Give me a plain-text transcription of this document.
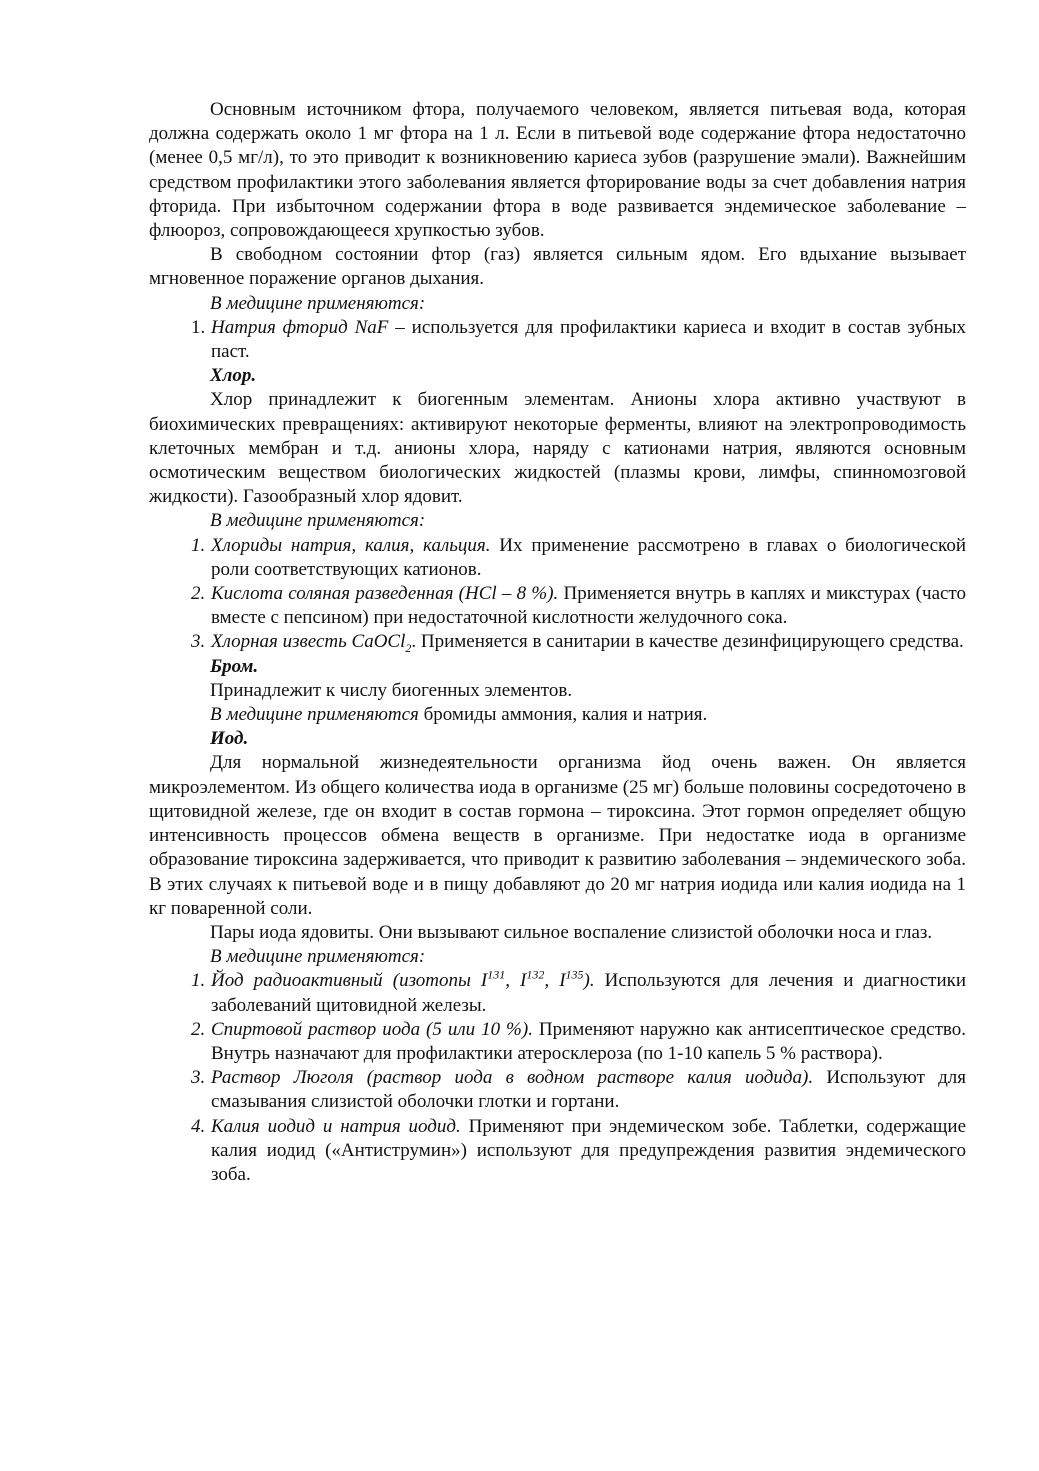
Основным источником фтора, получаемого человеком, является питьевая вода, которая должна содержать около 1 мг фтора на 1 л. Если в питьевой воде содержание фтора недостаточно (менее 0,5 мг/л), то это приводит к возникновению кариеса зубов (разрушение эмали). Важнейшим средством профилактики этого заболевания является фторирование воды за счет добавления натрия фторида. При избыточном содержании фтора в воде развивается эндемическое заболевание – флюороз, сопровождающееся хрупкостью зубов.

В свободном состоянии фтор (газ) является сильным ядом. Его вдыхание вызывает мгновенное поражение органов дыхания.

В медицине применяются:

1. Натрия фторид NaF – используется для профилактики кариеса и входит в состав зубных паст.

Хлор.

Хлор принадлежит к биогенным элементам. Анионы хлора активно участвуют в биохимических превращениях: активируют некоторые ферменты, влияют на электропроводимость клеточных мембран и т.д. анионы хлора, наряду с катионами натрия, являются основным осмотическим веществом биологических жидкостей (плазмы крови, лимфы, спинномозговой жидкости). Газообразный хлор ядовит.

В медицине применяются:

1. Хлориды натрия, калия, кальция. Их применение рассмотрено в главах о биологической роли соответствующих катионов.
2. Кислота соляная разведенная (HCl – 8 %). Применяется внутрь в каплях и микстурах (часто вместе с пепсином) при недостаточной кислотности желудочного сока.
3. Хлорная известь CaOCl$_2$. Применяется в санитарии в качестве дезинфицирующего средства.

Бром.

Принадлежит к числу биогенных элементов.

В медицине применяются бромиды аммония, калия и натрия.

Иод.

Для нормальной жизнедеятельности организма йод очень важен. Он является микроэлементом. Из общего количества иода в организме (25 мг) больше половины сосредоточено в щитовидной железе, где он входит в состав гормона – тироксина. Этот гормон определяет общую интенсивность процессов обмена веществ в организме. При недостатке иода в организме образование тироксина задерживается, что приводит к развитию заболевания – эндемического зоба. В этих случаях к питьевой воде и в пищу добавляют до 20 мг натрия иодида или калия иодида на 1 кг поваренной соли.

Пары иода ядовиты. Они вызывают сильное воспаление слизистой оболочки носа и глаз.

В медицине применяются:

1. Йод радиоактивный (изотопы $I^{131}$, $I^{132}$, $I^{135}$). Используются для лечения и диагностики заболеваний щитовидной железы.
2. Спиртовой раствор иода (5 или 10 %). Применяют наружно как антисептическое средство. Внутрь назначают для профилактики атеросклероза (по 1-10 капель 5 % раствора).
3. Раствор Люголя (раствор иода в водном растворе калия иодида). Используют для смазывания слизистой оболочки глотки и гортани.
4. Калия иодид и натрия иодид. Применяют при эндемическом зобе. Таблетки, содержащие калия иодид («Антиструмин») используют для предупреждения развития эндемического зоба.
